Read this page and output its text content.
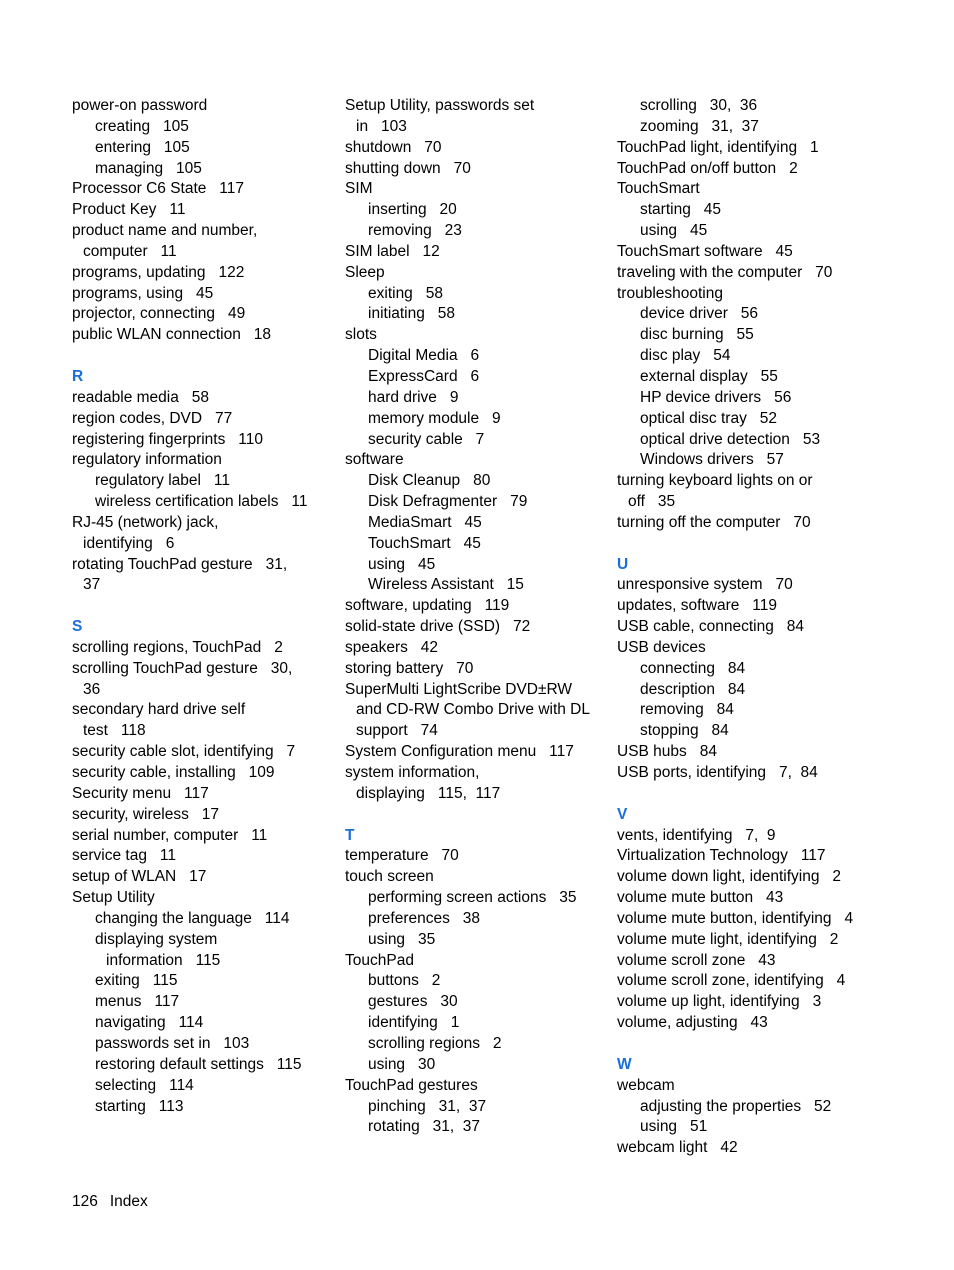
power-on password
creating   105
entering   105
managing   105
Processor C6 State   117
Product Key   11
product name and number,
computer   11
programs, updating   122
programs, using   45
projector, connecting   49
public WLAN connection   18
R
readable media   58
region codes, DVD   77
registering fingerprints   110
regulatory information
regulatory label   11
wireless certification labels   11
RJ-45 (network) jack,
identifying   6
rotating TouchPad gesture   31,
37
S
scrolling regions, TouchPad   2
scrolling TouchPad gesture   30,
36
secondary hard drive self
test   118
security cable slot, identifying   7
security cable, installing   109
Security menu   117
security, wireless   17
serial number, computer   11
service tag   11
setup of WLAN   17
Setup Utility
changing the language   114
displaying system
information   115
exiting   115
menus   117
navigating   114
passwords set in   103
restoring default settings   115
selecting   114
starting   113
Setup Utility, passwords set
in   103
shutdown   70
shutting down   70
SIM
inserting   20
removing   23
SIM label   12
Sleep
exiting   58
initiating   58
slots
Digital Media   6
ExpressCard   6
hard drive   9
memory module   9
security cable   7
software
Disk Cleanup   80
Disk Defragmenter   79
MediaSmart   45
TouchSmart   45
using   45
Wireless Assistant   15
software, updating   119
solid-state drive (SSD)   72
speakers   42
storing battery   70
SuperMulti LightScribe DVD±RW
and CD-RW Combo Drive with DL
support   74
System Configuration menu   117
system information,
displaying   115,  117
T
temperature   70
touch screen
performing screen actions   35
preferences   38
using   35
TouchPad
buttons   2
gestures   30
identifying   1
scrolling regions   2
using   30
TouchPad gestures
pinching   31,  37
rotating   31,  37
scrolling   30,  36
zooming   31,  37
TouchPad light, identifying   1
TouchPad on/off button   2
TouchSmart
starting   45
using   45
TouchSmart software   45
traveling with the computer   70
troubleshooting
device driver   56
disc burning   55
disc play   54
external display   55
HP device drivers   56
optical disc tray   52
optical drive detection   53
Windows drivers   57
turning keyboard lights on or
off   35
turning off the computer   70
U
unresponsive system   70
updates, software   119
USB cable, connecting   84
USB devices
connecting   84
description   84
removing   84
stopping   84
USB hubs   84
USB ports, identifying   7,  84
V
vents, identifying   7,  9
Virtualization Technology   117
volume down light, identifying   2
volume mute button   43
volume mute button, identifying   4
volume mute light, identifying   2
volume scroll zone   43
volume scroll zone, identifying   4
volume up light, identifying   3
volume, adjusting   43
W
webcam
adjusting the properties   52
using   51
webcam light   42
126 Index
